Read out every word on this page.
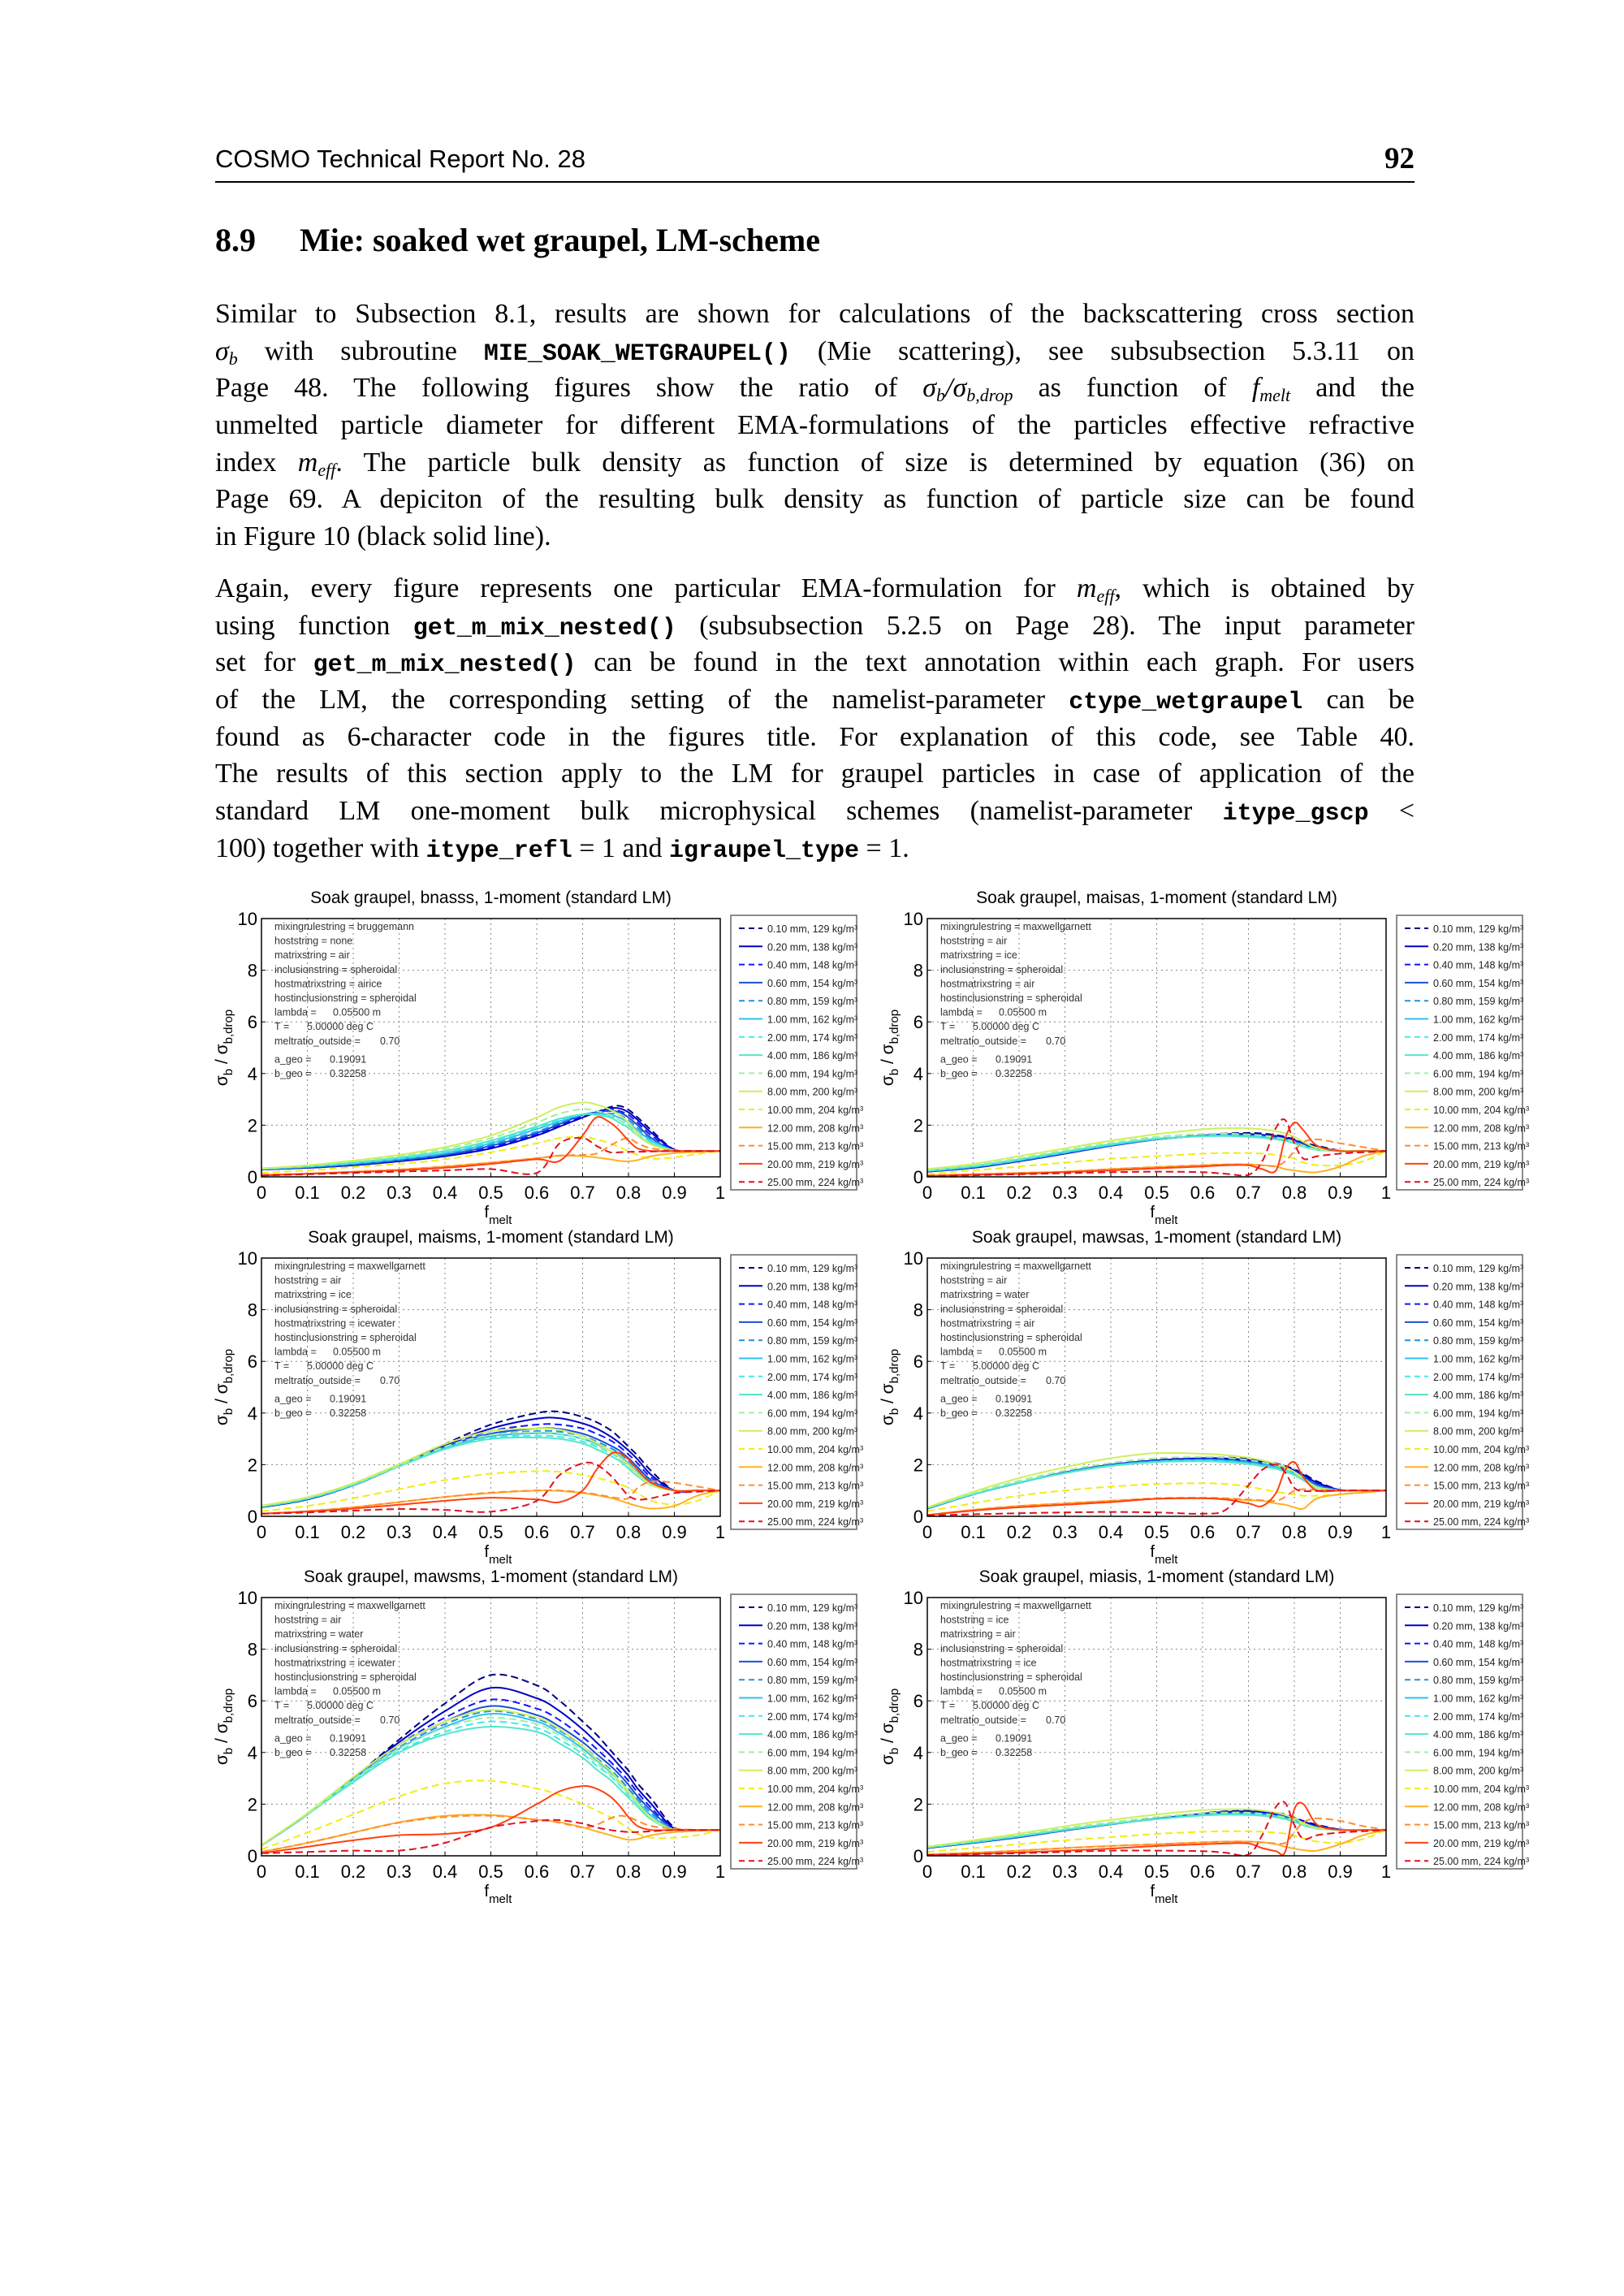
COSMO Technical Report No. 28	92
8.9 Mie: soaked wet graupel, LM-scheme
Similar to Subsection 8.1, results are shown for calculations of the backscattering cross section
$\sigma_b$ with subroutine MIE_SOAK_WETGRAUPEL() (Mie scattering), see subsubsection 5.3.11 on
Page 48. The following figures show the ratio of $\sigma_b/\sigma_{b,drop}$ as function of $f_{melt}$ and the
unmelted particle diameter for different EMA-formulations of the particles effective refractive
index $m_{eff}$. The particle bulk density as function of size is determined by equation (36) on
Page 69. A depiciton of the resulting bulk density as function of particle size can be found
in Figure 10 (black solid line).
Again, every figure represents one particular EMA-formulation for $m_{eff}$, which is obtained by
using function get_m_mix_nested() (subsubsection 5.2.5 on Page 28). The input parameter
set for get_m_mix_nested() can be found in the text annotation within each graph. For users
of the LM, the corresponding setting of the namelist-parameter ctype_wetgraupel can be
found as 6-character code in the figures title. For explanation of this code, see Table 40.
The results of this section apply to the LM for graupel particles in case of application of the
standard LM one-moment bulk microphysical schemes (namelist-parameter itype_gscp <
100) together with itype_refl = 1 and igraupel_type = 1.
Soak graupel, bnasss, 1-moment (standard LM)
0 0.1 0.2 0.3 0.4 0.5 0.6 0.7 0.8 0.9 1
0
2
4
6
8
10 mixingrulestring = bruggemann
hoststring = none
matrixstring = air
inclusionstring = spheroidal
hostmatrixstring = airice
hostinclusionstring = spheroidal
lambda = 0.05500 m
T = 5.00000 deg C
meltratio_outside = 0.70
a_geo = 0.19091
b_geo = 0.32258
$f_{melt}$
$\sigma_b / \sigma_{b,drop}$
0.10 mm, 129 kg/m³
0.20 mm, 138 kg/m³
0.40 mm, 148 kg/m³
0.60 mm, 154 kg/m³
0.80 mm, 159 kg/m³
1.00 mm, 162 kg/m³
2.00 mm, 174 kg/m³
4.00 mm, 186 kg/m³
6.00 mm, 194 kg/m³
8.00 mm, 200 kg/m³
10.00 mm, 204 kg/m³
12.00 mm, 208 kg/m³
15.00 mm, 213 kg/m³
20.00 mm, 219 kg/m³
25.00 mm, 224 kg/m³
Soak graupel, maisas, 1-moment (standard LM)
0 0.1 0.2 0.3 0.4 0.5 0.6 0.7 0.8 0.9 1
0
2
4
6
8
10 mixingrulestring = maxwellgarnett
hoststring = air
matrixstring = ice
inclusionstring = spheroidal
hostmatrixstring = air
hostinclusionstring = spheroidal
lambda = 0.05500 m
T = 5.00000 deg C
meltratio_outside = 0.70
a_geo = 0.19091
b_geo = 0.32258
$f_{melt}$
$\sigma_b / \sigma_{b,drop}$
0.10 mm, 129 kg/m³
0.20 mm, 138 kg/m³
0.40 mm, 148 kg/m³
0.60 mm, 154 kg/m³
0.80 mm, 159 kg/m³
1.00 mm, 162 kg/m³
2.00 mm, 174 kg/m³
4.00 mm, 186 kg/m³
6.00 mm, 194 kg/m³
8.00 mm, 200 kg/m³
10.00 mm, 204 kg/m³
12.00 mm, 208 kg/m³
15.00 mm, 213 kg/m³
20.00 mm, 219 kg/m³
25.00 mm, 224 kg/m³
Soak graupel, maisms, 1-moment (standard LM)
0 0.1 0.2 0.3 0.4 0.5 0.6 0.7 0.8 0.9 1
0
2
4
6
8
10 mixingrulestring = maxwellgarnett
hoststring = air
matrixstring = ice
inclusionstring = spheroidal
hostmatrixstring = icewater
hostinclusionstring = spheroidal
lambda = 0.05500 m
T = 5.00000 deg C
meltratio_outside = 0.70
a_geo = 0.19091
b_geo = 0.32258
$f_{melt}$
$\sigma_b / \sigma_{b,drop}$
0.10 mm, 129 kg/m³
0.20 mm, 138 kg/m³
0.40 mm, 148 kg/m³
0.60 mm, 154 kg/m³
0.80 mm, 159 kg/m³
1.00 mm, 162 kg/m³
2.00 mm, 174 kg/m³
4.00 mm, 186 kg/m³
6.00 mm, 194 kg/m³
8.00 mm, 200 kg/m³
10.00 mm, 204 kg/m³
12.00 mm, 208 kg/m³
15.00 mm, 213 kg/m³
20.00 mm, 219 kg/m³
25.00 mm, 224 kg/m³
Soak graupel, mawsas, 1-moment (standard LM)
0 0.1 0.2 0.3 0.4 0.5 0.6 0.7 0.8 0.9 1
0
2
4
6
8
10 mixingrulestring = maxwellgarnett
hoststring = air
matrixstring = water
inclusionstring = spheroidal
hostmatrixstring = air
hostinclusionstring = spheroidal
lambda = 0.05500 m
T = 5.00000 deg C
meltratio_outside = 0.70
a_geo = 0.19091
b_geo = 0.32258
$f_{melt}$
$\sigma_b / \sigma_{b,drop}$
0.10 mm, 129 kg/m³
0.20 mm, 138 kg/m³
0.40 mm, 148 kg/m³
0.60 mm, 154 kg/m³
0.80 mm, 159 kg/m³
1.00 mm, 162 kg/m³
2.00 mm, 174 kg/m³
4.00 mm, 186 kg/m³
6.00 mm, 194 kg/m³
8.00 mm, 200 kg/m³
10.00 mm, 204 kg/m³
12.00 mm, 208 kg/m³
15.00 mm, 213 kg/m³
20.00 mm, 219 kg/m³
25.00 mm, 224 kg/m³
Soak graupel, mawsms, 1-moment (standard LM)
0 0.1 0.2 0.3 0.4 0.5 0.6 0.7 0.8 0.9 1
0
2
4
6
8
10 mixingrulestring = maxwellgarnett
hoststring = air
matrixstring = water
inclusionstring = spheroidal
hostmatrixstring = icewater
hostinclusionstring = spheroidal
lambda = 0.05500 m
T = 5.00000 deg C
meltratio_outside = 0.70
a_geo = 0.19091
b_geo = 0.32258
$f_{melt}$
$\sigma_b / \sigma_{b,drop}$
0.10 mm, 129 kg/m³
0.20 mm, 138 kg/m³
0.40 mm, 148 kg/m³
0.60 mm, 154 kg/m³
0.80 mm, 159 kg/m³
1.00 mm, 162 kg/m³
2.00 mm, 174 kg/m³
4.00 mm, 186 kg/m³
6.00 mm, 194 kg/m³
8.00 mm, 200 kg/m³
10.00 mm, 204 kg/m³
12.00 mm, 208 kg/m³
15.00 mm, 213 kg/m³
20.00 mm, 219 kg/m³
25.00 mm, 224 kg/m³
Soak graupel, miasis, 1-moment (standard LM)
0 0.1 0.2 0.3 0.4 0.5 0.6 0.7 0.8 0.9 1
0
2
4
6
8
10 mixingrulestring = maxwellgarnett
hoststring = ice
matrixstring = air
inclusionstring = spheroidal
hostmatrixstring = ice
hostinclusionstring = spheroidal
lambda = 0.05500 m
T = 5.00000 deg C
meltratio_outside = 0.70
a_geo = 0.19091
b_geo = 0.32258
$f_{melt}$
$\sigma_b / \sigma_{b,drop}$
0.10 mm, 129 kg/m³
0.20 mm, 138 kg/m³
0.40 mm, 148 kg/m³
0.60 mm, 154 kg/m³
0.80 mm, 159 kg/m³
1.00 mm, 162 kg/m³
2.00 mm, 174 kg/m³
4.00 mm, 186 kg/m³
6.00 mm, 194 kg/m³
8.00 mm, 200 kg/m³
10.00 mm, 204 kg/m³
12.00 mm, 208 kg/m³
15.00 mm, 213 kg/m³
20.00 mm, 219 kg/m³
25.00 mm, 224 kg/m³
